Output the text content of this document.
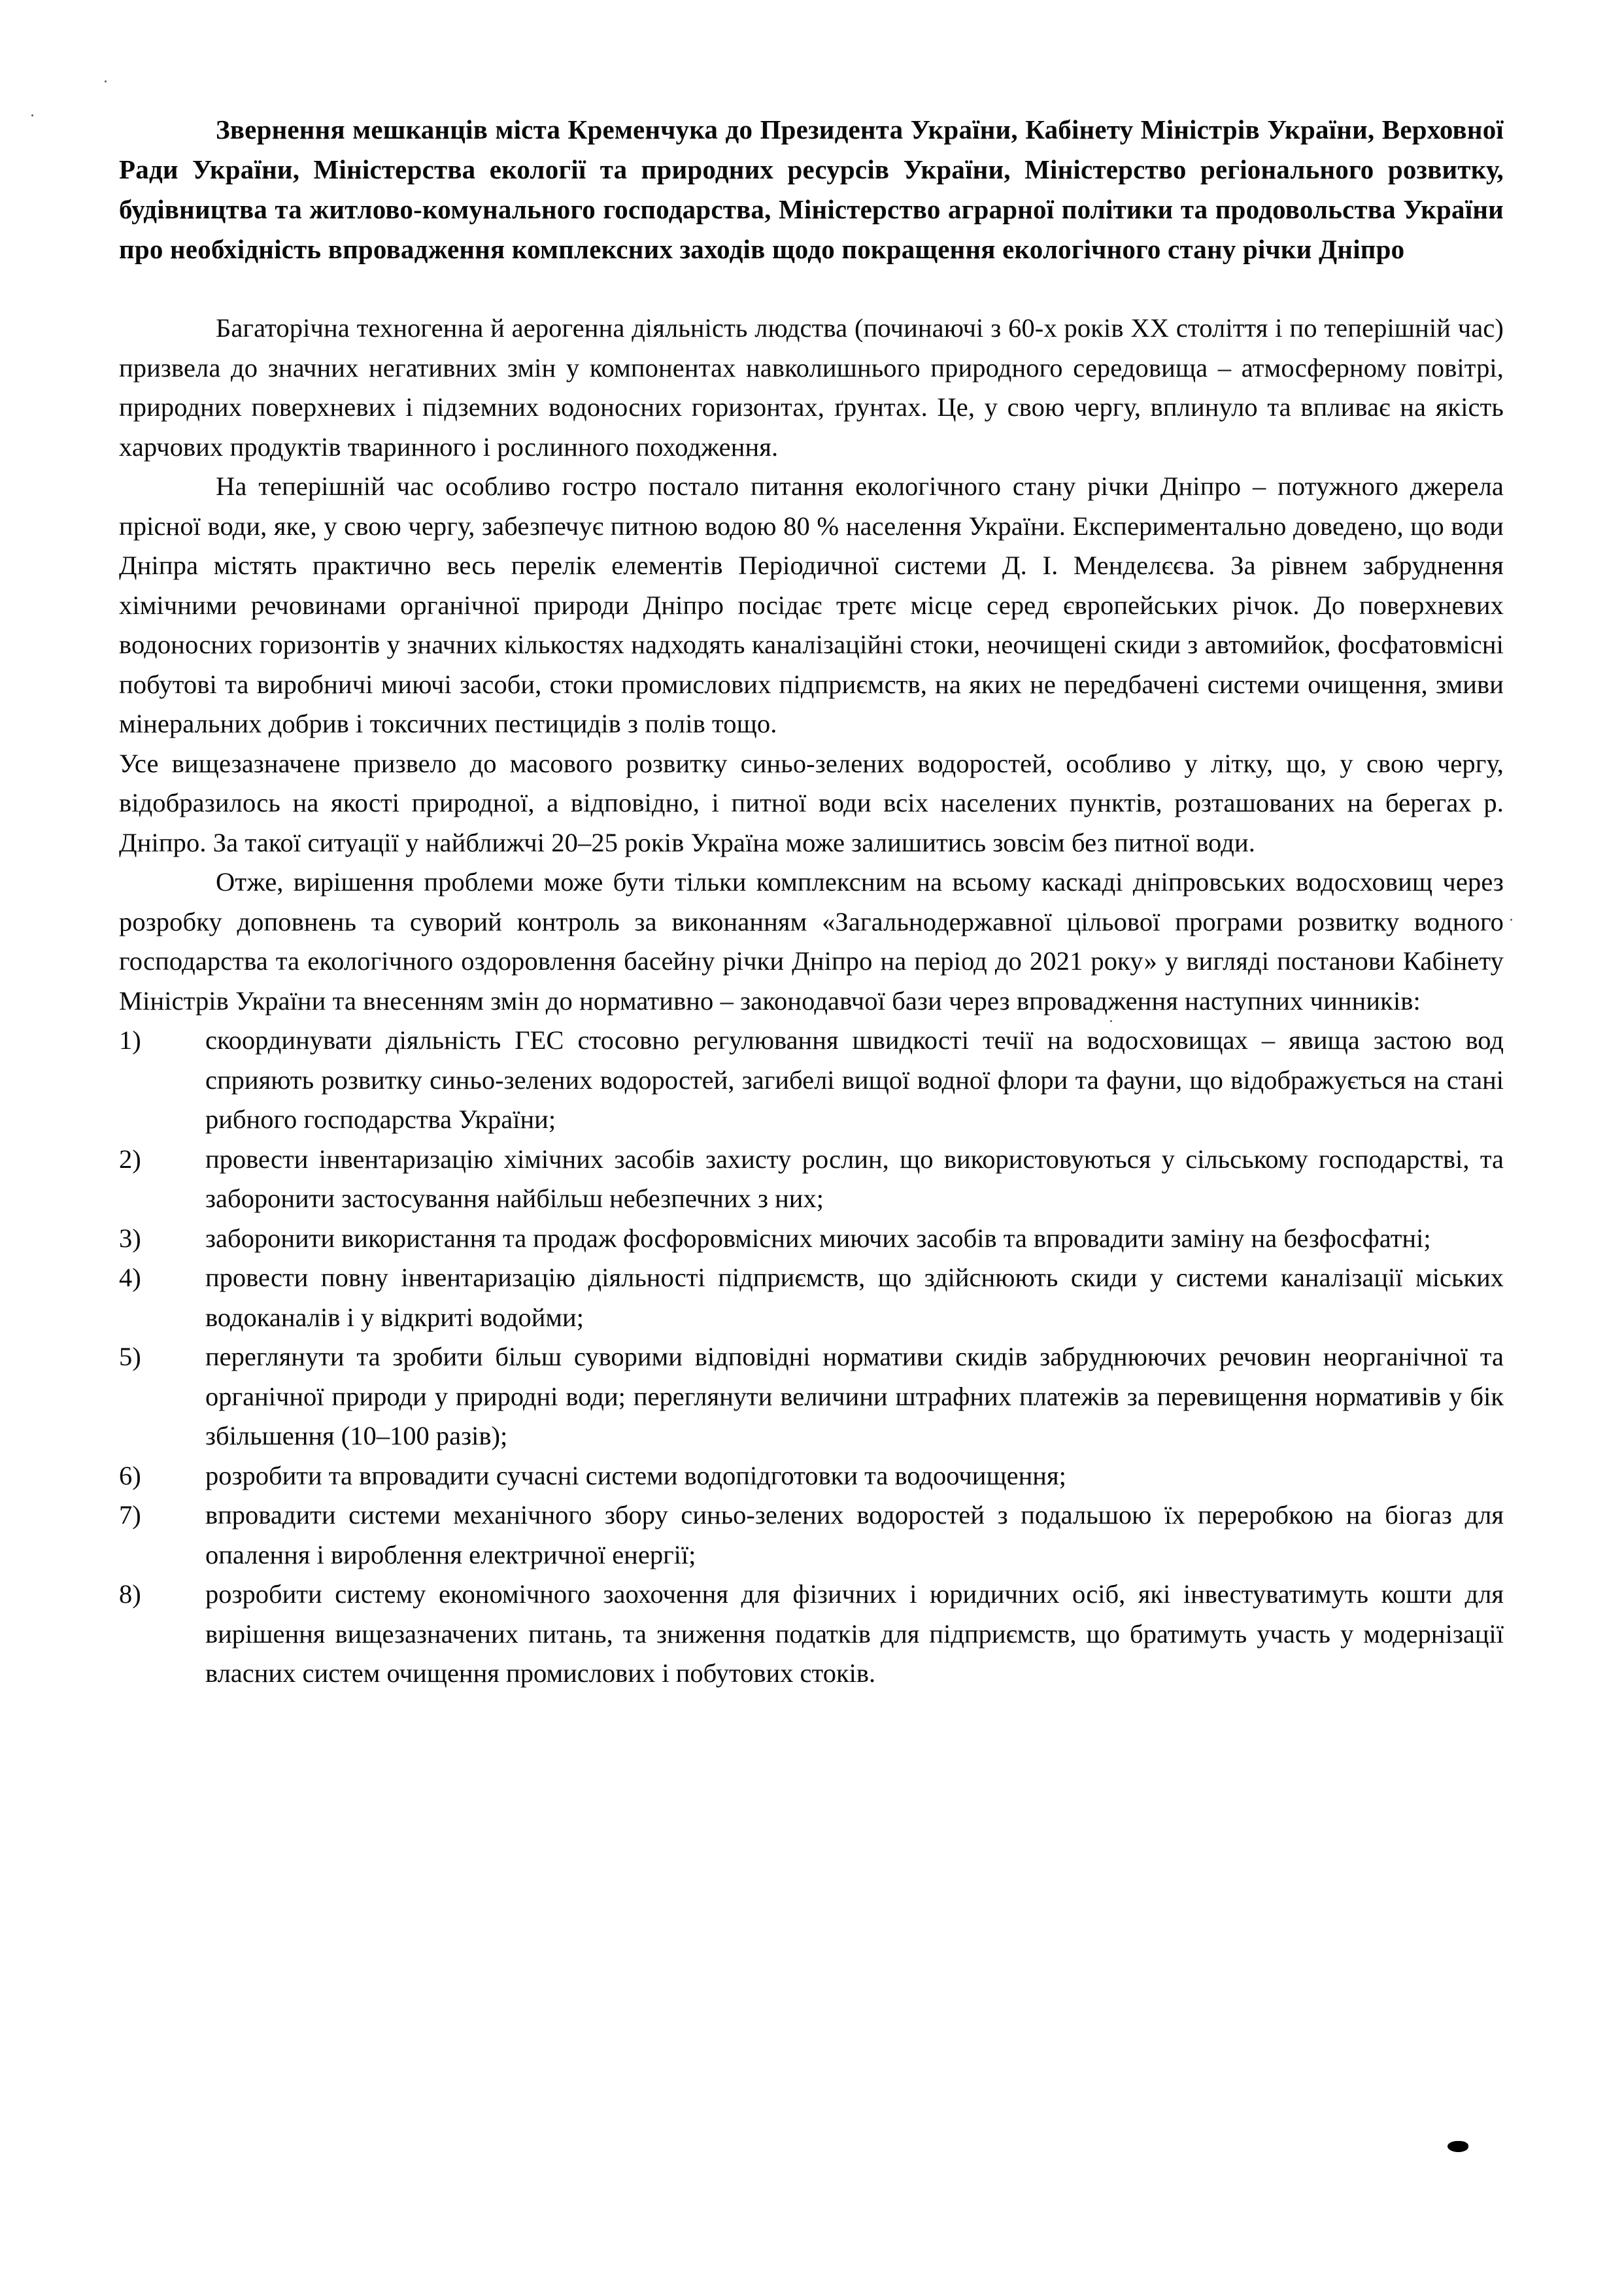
Звернення мешканців міста Кременчука до Президента України, Кабінету Міністрів України, Верховної Ради України, Міністерства екології та природних ресурсів України, Міністерство регіонального розвитку, будівництва та житлово-комунального господарства, Міністерство аграрної політики та продовольства України про необхідність впровадження комплексних заходів щодо покращення екологічного стану річки Дніпро

Багаторічна техногенна й аерогенна діяльність людства (починаючі з 60-х років ХХ століття і по теперішній час) призвела до значних негативних змін у компонентах навколишнього природного середовища – атмосферному повітрі, природних поверхневих і підземних водоносних горизонтах, ґрунтах. Це, у свою чергу, вплинуло та впливає на якість харчових продуктів тваринного і рослинного походження.

На теперішній час особливо гостро постало питання екологічного стану річки Дніпро – потужного джерела прісної води, яке, у свою чергу, забезпечує питною водою 80 % населення України. Експериментально доведено, що води Дніпра містять практично весь перелік елементів Періодичної системи Д. І. Менделєєва. За рівнем забруднення хімічними речовинами органічної природи Дніпро посідає третє місце серед європейських річок. До поверхневих водоносних горизонтів у значних кількостях надходять каналізаційні стоки, неочищені скиди з автомийок, фосфатовмісні побутові та виробничі миючі засоби, стоки промислових підприємств, на яких не передбачені системи очищення, змиви мінеральних добрив і токсичних пестицидів з полів тощо.

Усе вищезазначене призвело до масового розвитку синьо-зелених водоростей, особливо у літку, що, у свою чергу, відобразилось на якості природної, а відповідно, і питної води всіх населених пунктів, розташованих на берегах р. Дніпро. За такої ситуації у найближчі 20–25 років Україна може залишитись зовсім без питної води.

Отже, вирішення проблеми може бути тільки комплексним на всьому каскаді дніпровських водосховищ через розробку доповнень та суворий контроль за виконанням «Загальнодержавної цільової програми розвитку водного господарства та екологічного оздоровлення басейну річки Дніпро на період до 2021 року» у вигляді постанови Кабінету Міністрів України та внесенням змін до нормативно – законодавчої бази через впровадження наступних чинників:

1)	скоординувати діяльність ГЕС стосовно регулювання швидкості течії на водосховищах – явища застою вод сприяють розвитку синьо-зелених водоростей, загибелі вищої водної флори та фауни, що відображується на стані рибного господарства України;
2)	провести інвентаризацію хімічних засобів захисту рослин, що використовуються у сільському господарстві, та заборонити застосування найбільш небезпечних з них;
3)	заборонити використання та продаж фосфоровмісних миючих засобів та впровадити заміну на безфосфатні;
4)	провести повну інвентаризацію діяльності підприємств, що здійснюють скиди у системи каналізації міських водоканалів і у відкриті водойми;
5)	переглянути та зробити більш суворими відповідні нормативи скидів забруднюючих речовин неорганічної та органічної природи у природні води; переглянути величини штрафних платежів за перевищення нормативів у бік збільшення (10–100 разів);
6)	розробити та впровадити сучасні системи водопідготовки та водоочищення;
7)	впровадити системи механічного збору синьо-зелених водоростей з подальшою їх переробкою на біогаз для опалення і вироблення електричної енергії;
8)	розробити систему економічного заохочення для фізичних і юридичних осіб, які інвестуватимуть кошти для вирішення вищезазначених питань, та зниження податків для підприємств, що братимуть участь у модернізації власних систем очищення промислових і побутових стоків.
